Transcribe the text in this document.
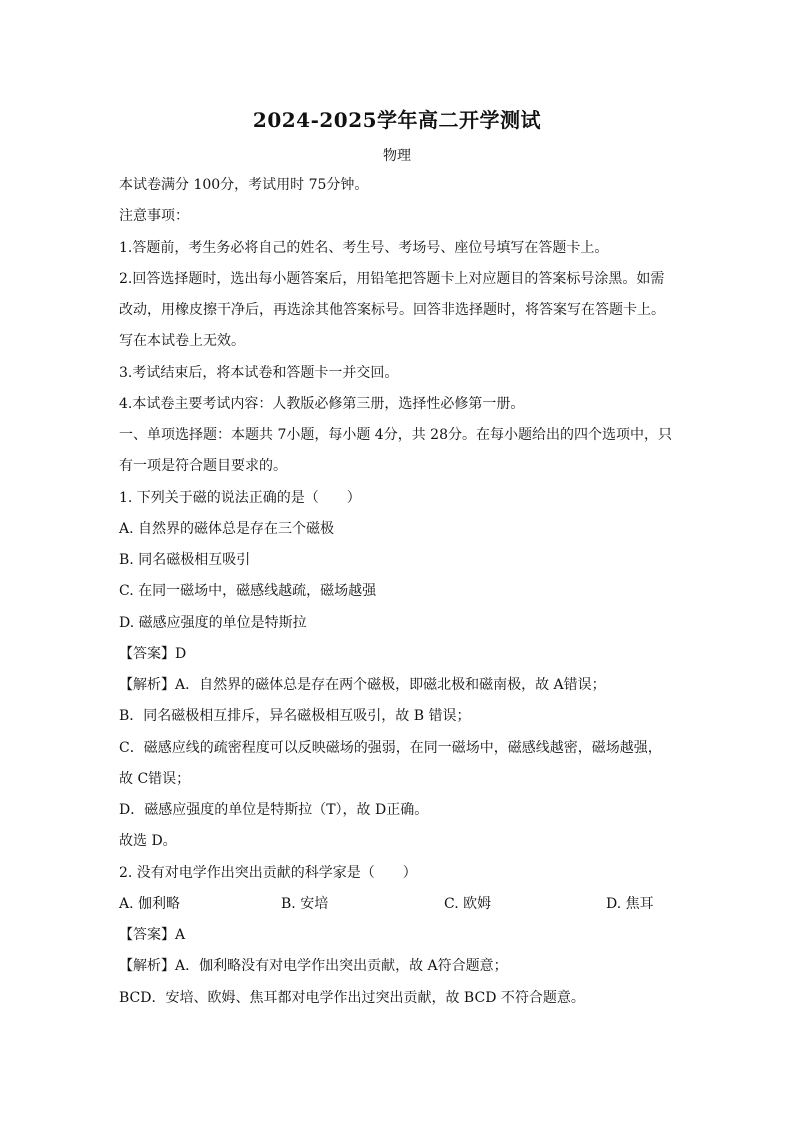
2024-2025学年高二开学测试
物理
本试卷满分 100分，考试用时 75分钟。
注意事项：
1.答题前，考生务必将自己的姓名、考生号、考场号、座位号填写在答题卡上。
2.回答选择题时，选出每小题答案后，用铅笔把答题卡上对应题目的答案标号涂黑。如需
改动，用橡皮擦干净后，再选涂其他答案标号。回答非选择题时，将答案写在答题卡上。
写在本试卷上无效。
3.考试结束后，将本试卷和答题卡一并交回。
4.本试卷主要考试内容：人教版必修第三册，选择性必修第一册。
一、单项选择题：本题共 7小题，每小题 4分，共 28分。在每小题给出的四个选项中，只
有一项是符合题目要求的。
1. 下列关于磁的说法正确的是（　　）
A. 自然界的磁体总是存在三个磁极
B. 同名磁极相互吸引
C. 在同一磁场中，磁感线越疏，磁场越强
D. 磁感应强度的单位是特斯拉
【答案】D
【解析】A．自然界的磁体总是存在两个磁极，即磁北极和磁南极，故 A错误；
B．同名磁极相互排斥，异名磁极相互吸引，故 B 错误；
C．磁感应线的疏密程度可以反映磁场的强弱，在同一磁场中，磁感线越密，磁场越强，
故 C错误；
D．磁感应强度的单位是特斯拉（T），故 D正确。
故选 D。
2. 没有对电学作出突出贡献的科学家是（　　）
A. 伽利略	B. 安培	C. 欧姆	D. 焦耳
【答案】A
【解析】A．伽利略没有对电学作出突出贡献，故 A符合题意；
BCD．安培、欧姆、焦耳都对电学作出过突出贡献，故 BCD 不符合题意。
